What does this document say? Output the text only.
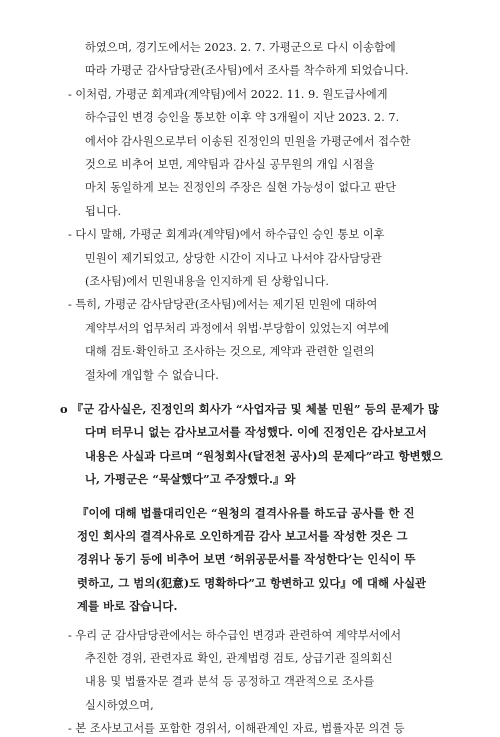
하였으며, 경기도에서는 2023. 2. 7. 가평군으로 다시 이송함에
따라 가평군 감사담당관(조사팀)에서 조사를 착수하게 되었습니다.
- 이처럼, 가평군 회계과(계약팀)에서 2022. 11. 9. 원도급사에게
하수급인 변경 승인을 통보한 이후 약 3개월이 지난 2023. 2. 7.
에서야 감사원으로부터 이송된 진정인의 민원을 가평군에서 접수한
것으로 비추어 보면, 계약팀과 감사실 공무원의 개입 시점을
마치 동일하게 보는 진정인의 주장은 실현 가능성이 없다고 판단
됩니다.
- 다시 말해, 가평군 회계과(계약팀)에서 하수급인 승인 통보 이후
민원이 제기되었고, 상당한 시간이 지나고 나서야 감사담당관
(조사팀)에서 민원내용을 인지하게 된 상황입니다.
- 특히, 가평군 감사담당관(조사팀)에서는 제기된 민원에 대하여
계약부서의 업무처리 과정에서 위법·부당함이 있었는지 여부에
대해 검토·확인하고 조사하는 것으로, 계약과 관련한 일련의
절차에 개입할 수 없습니다.
o 『군 감사실은, 진정인의 회사가 “사업자금 및 체불 민원” 등의 문제가 많
다며 터무니 없는 감사보고서를 작성했다. 이에 진정인은 감사보고서
내용은 사실과 다르며 “원청회사(달전천 공사)의 문제다”라고 항변했으
나, 가평군은 “묵살했다”고 주장했다.』와
『이에 대해 법률대리인은 “원청의 결격사유를 하도급 공사를 한 진
정인 회사의 결격사유로 오인하게끔 감사 보고서를 작성한 것은 그
경위나 동기 등에 비추어 보면 ‘허위공문서를 작성한다’는 인식이 뚜
렷하고, 그 범의(犯意)도 명확하다”고 항변하고 있다』에 대해 사실관
계를 바로 잡습니다.
- 우리 군 감사담당관에서는 하수급인 변경과 관련하여 계약부서에서
추진한 경위, 관련자료 확인, 관계법령 검토, 상급기관 질의회신
내용 및 법률자문 결과 분석 등 공정하고 객관적으로 조사를
실시하였으며,
- 본 조사보고서를 포함한 경위서, 이해관계인 자료, 법률자문 의견 등
